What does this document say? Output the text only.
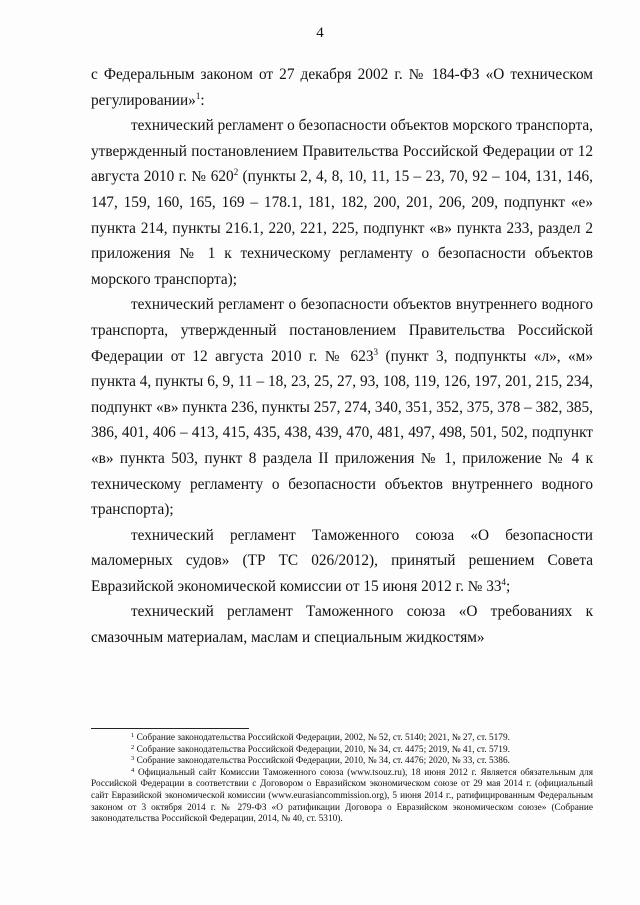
4

с Федеральным законом от 27 декабря 2002 г. № 184-ФЗ «О техническом регулировании»$^1$:

технический регламент о безопасности объектов морского транспорта, утвержденный постановлением Правительства Российской Федерации от 12 августа 2010 г. № $620^2$ (пункты 2, 4, 8, 10, 11, 15 – 23, 70, 92 – 104, 131, 146, 147, 159, 160, 165, 169 – 178.1, 181, 182, 200, 201, 206, 209, подпункт «е» пункта 214, пункты 216.1, 220, 221, 225, подпункт «в» пункта 233, раздел 2 приложения № 1 к техническому регламенту о безопасности объектов морского транспорта);

технический регламент о безопасности объектов внутреннего водного транспорта, утвержденный постановлением Правительства Российской Федерации от 12 августа 2010 г. № $623^3$ (пункт 3, подпункты «л», «м» пункта 4, пункты 6, 9, 11 – 18, 23, 25, 27, 93, 108, 119, 126, 197, 201, 215, 234, подпункт «в» пункта 236, пункты 257, 274, 340, 351, 352, 375, 378 – 382, 385, 386, 401, 406 – 413, 415, 435, 438, 439, 470, 481, 497, 498, 501, 502, подпункт «в» пункта 503, пункт 8 раздела II приложения № 1, приложение № 4 к техническому регламенту о безопасности объектов внутреннего водного транспорта);

технический регламент Таможенного союза «О безопасности маломерных судов» (ТР ТС 026/2012), принятый решением Совета Евразийской экономической комиссии от 15 июня 2012 г. № $33^4$;

технический регламент Таможенного союза «О требованиях к смазочным материалам, маслам и специальным жидкостям»

$^1$ Собрание законодательства Российской Федерации, 2002, № 52, ст. 5140; 2021, № 27, ст. 5179.

$^2$ Собрание законодательства Российской Федерации, 2010, № 34, ст. 4475; 2019, № 41, ст. 5719.

$^3$ Собрание законодательства Российской Федерации, 2010, № 34, ст. 4476; 2020, № 33, ст. 5386.

$^4$ Официальный сайт Комиссии Таможенного союза (www.tsouz.ru), 18 июня 2012 г. Является обязательным для Российской Федерации в соответствии с Договором о Евразийском экономическом союзе от 29 мая 2014 г. (официальный сайт Евразийской экономической комиссии (www.eurasiancommission.org), 5 июня 2014 г., ратифицированным Федеральным законом от 3 октября 2014 г. № 279-ФЗ «О ратификации Договора о Евразийском экономическом союзе» (Собрание законодательства Российской Федерации, 2014, № 40, ст. 5310).
